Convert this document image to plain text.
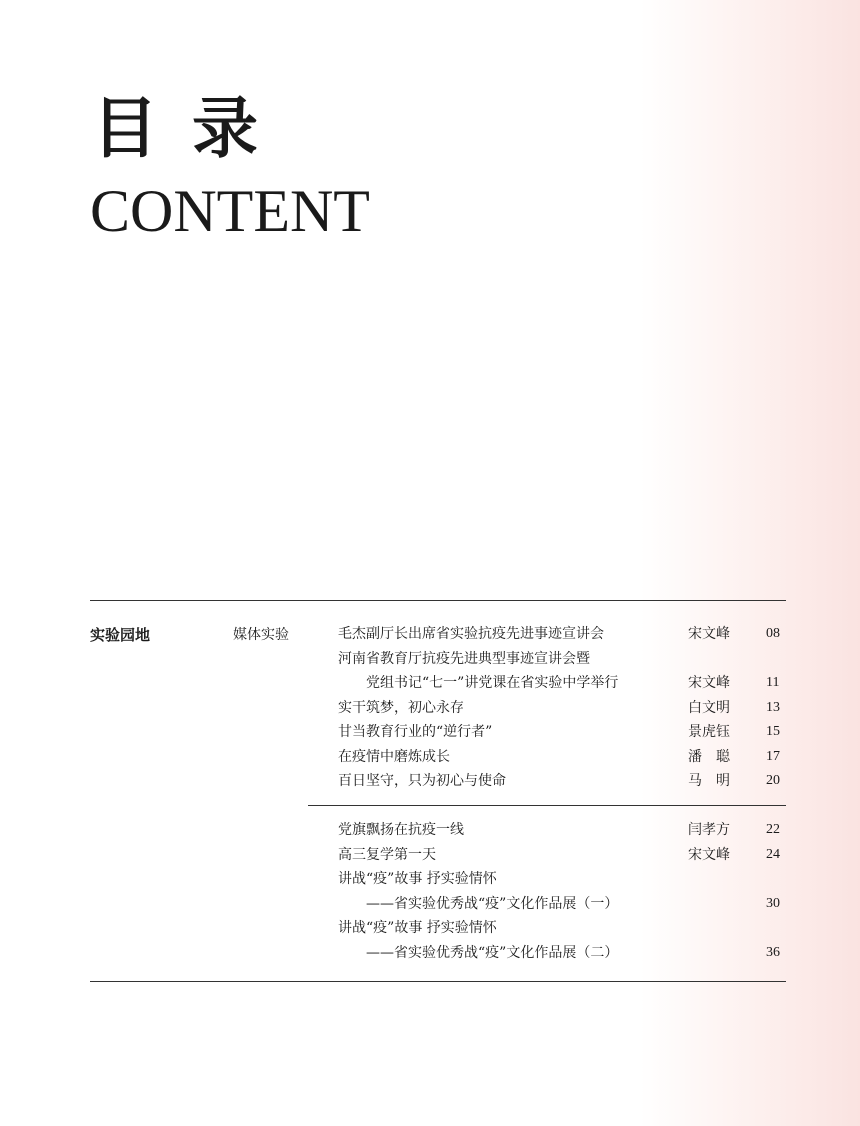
目录
CONTENT
实验园地	媒体实验	毛杰副厅长出席省实验抗疫先进事迹宣讲会	宋文峰	08
河南省教育厅抗疫先进典型事迹宣讲会暨
党组书记“七一”讲党课在省实验中学举行	宋文峰	11
实干筑梦，初心永存	白文明	13
甘当教育行业的“逆行者”	景虎钰	15
在疫情中磨炼成长	潘　聪	17
百日坚守，只为初心与使命	马　明	20
党旗飘扬在抗疫一线	闫孝方	22
高三复学第一天	宋文峰	24
讲战“疫”故事 抒实验情怀
——省实验优秀战“疫”文化作品展（一）	30
讲战“疫”故事 抒实验情怀
——省实验优秀战“疫”文化作品展（二）	36
